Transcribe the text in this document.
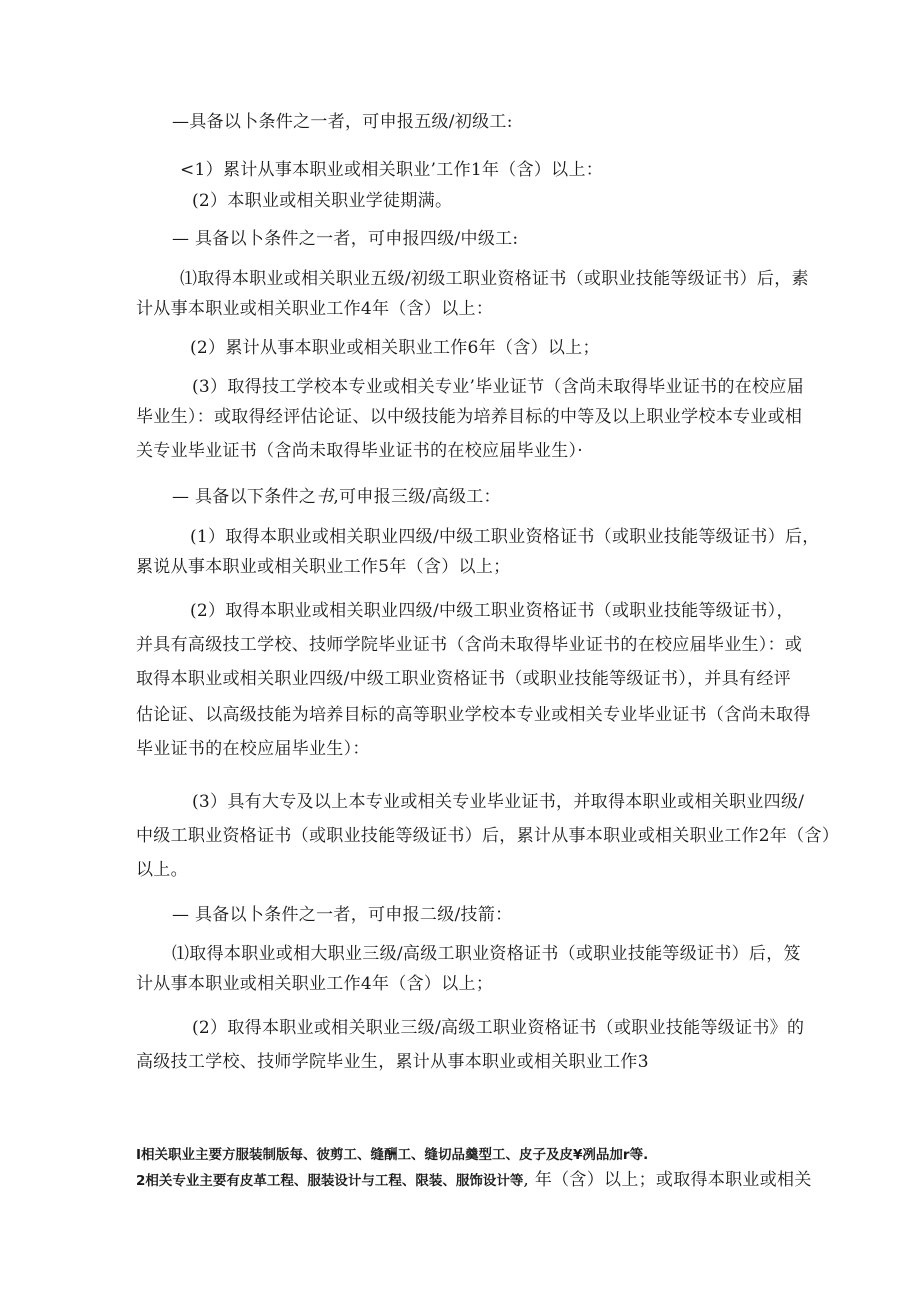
—具备以卜条件之一者，可申报五级/初级工:
<1）累计从事本职业或相关职业’工作1年（含）以上：
(2）本职业或相关职业学徒期满。
— 具备以卜条件之一者，可申报四级/中级工:
⑴取得本职业或相关职业五级/初级工职业资格证书（或职业技能等级证书）后，素
计从事本职业或相关职业工作4年（含）以上：
(2）累计从事本职业或相关职业工作6年（含）以上；
(3）取得技工学校本专业或相关专业’毕业证节（含尚未取得毕业证书的在校应届
毕业生）：或取得经评估论证、以中级技能为培养目标的中等及以上职业学校本专业或相
关专业毕业证书（含尚未取得毕业证书的在校应届毕业生）·
— 具备以下条件之书,可申报三级/高级工：
(1）取得本职业或相关职业四级/中级工职业资格证书（或职业技能等级证书）后，
累说从事本职业或相关职业工作5年（含）以上；
(2）取得本职业或相关职业四级/中级工职业资格证书（或职业技能等级证书），
并具有高级技工学校、技师学院毕业证书（含尚未取得毕业证书的在校应届毕业生）：或
取得本职业或相关职业四级/中级工职业资格证书（或职业技能等级证书），并具有经评
估论证、以高级技能为培养目标的高等职业学校本专业或相关专业毕业证书（含尚未取得
毕业证书的在校应届毕业生）：
(3）具有大专及以上本专业或相关专业毕业证书，并取得本职业或相关职业四级/
中级工职业资格证书（或职业技能等级证书）后，累计从事本职业或相关职业工作2年（含）
以上。
— 具备以卜条件之一者，可申报二级/技箭：
⑴取得本职业或相大职业三级/高级工职业资格证书（或职业技能等级证书）后，笈
计从事本职业或相关职业工作4年（含）以上；
(2）取得本职业或相关职业三级/高级工职业资格证书（或职业技能等级证书》的
高级技工学校、技师学院毕业生，累计从事本职业或相关职业工作3
I相关职业主要方服装制版每、彼剪工、缝酬工、缝切品羹型工、皮子及皮¥冽品加r等.
2相关专业主要有皮革工程、服装设计与工程、限装、服饰设计等, 年（含）以上；或取得本职业或相关
